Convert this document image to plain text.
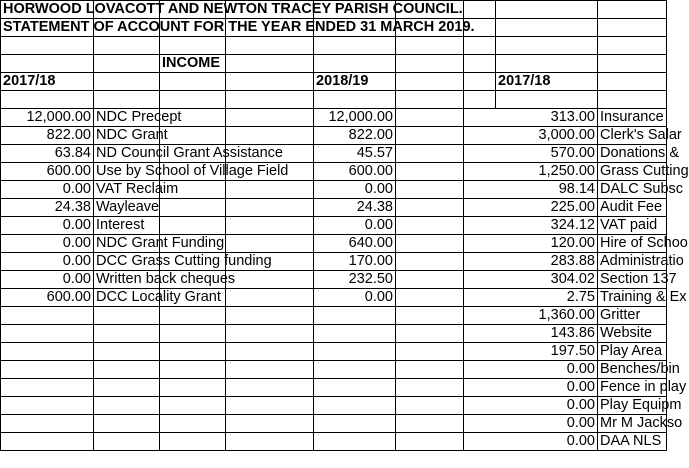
HORWOOD LOVACOTT AND NEWTON TRACEY PARISH COUNCIL.								
STATEMENT OF ACCOUNT FOR THE YEAR ENDED 31 MARCH 2019.								

		INCOME						
2017/18				2018/19			2017/18	

12,000.00	NDC Precept			12,000.00		313.00		Insurance
822.00	NDC Grant			822.00		3,000.00		Clerk's Salar
63.84	ND Council Grant Assistance			45.57		570.00		Donations &
600.00	Use by School of Village Field			600.00		1,250.00		Grass Cutting
0.00	VAT Reclaim			0.00		98.14		DALC Subsc
24.38	Wayleave			24.38		225.00		Audit Fee
0.00	Interest			0.00		324.12		VAT paid
0.00	NDC Grant Funding			640.00		120.00		Hire of Schoo
0.00	DCC Grass Cutting funding			170.00		283.88		Administratio
0.00	Written back cheques			232.50		304.02		Section 137
600.00	DCC Locality Grant			0.00		2.75		Training & Ex
						1,360.00		Gritter
						143.86		Website
						197.50		Play Area
						0.00		Benches/bin
						0.00		Fence in play
						0.00		Play Equipm
						0.00		Mr M Jackso
						0.00		DAA NLS
